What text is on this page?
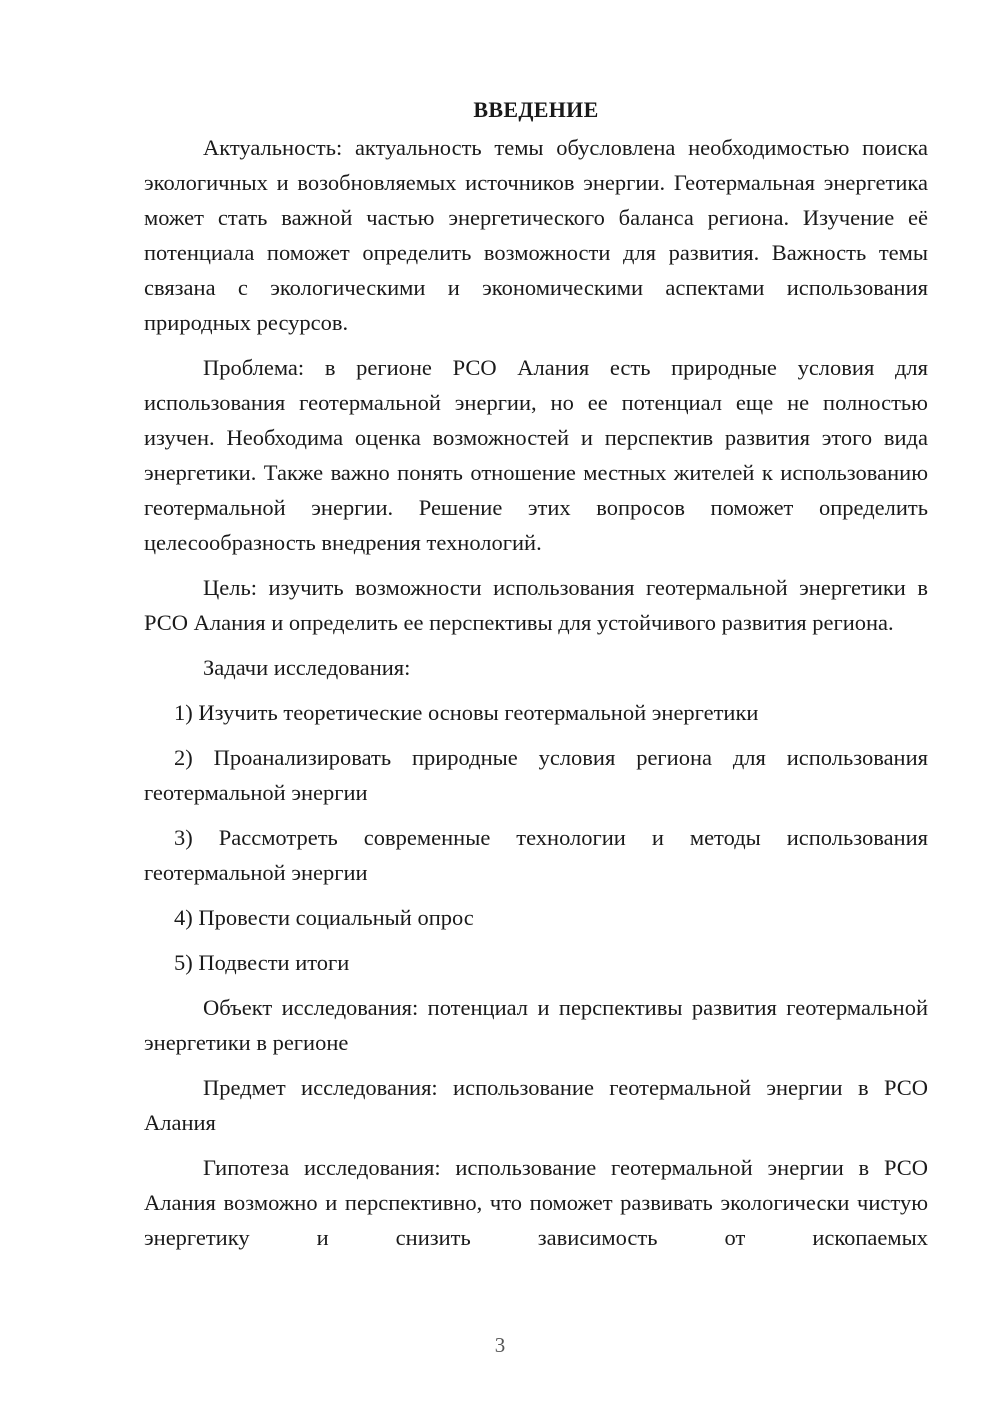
ВВЕДЕНИЕ

Актуальность: актуальность темы обусловлена необходимостью поиска экологичных и возобновляемых источников энергии. Геотермальная энергетика может стать важной частью энергетического баланса региона. Изучение её потенциала поможет определить возможности для развития. Важность темы связана с экологическими и экономическими аспектами использования природных ресурсов.

Проблема: в регионе РСО Алания есть природные условия для использования геотермальной энергии, но ее потенциал еще не полностью изучен. Необходима оценка возможностей и перспектив развития этого вида энергетики. Также важно понять отношение местных жителей к использованию геотермальной энергии. Решение этих вопросов поможет определить целесообразность внедрения технологий.

Цель: изучить возможности использования геотермальной энергетики в РСО Алания и определить ее перспективы для устойчивого развития региона.

Задачи исследования:

1) Изучить теоретические основы геотермальной энергетики

2) Проанализировать природные условия региона для использования геотермальной энергии

3) Рассмотреть современные технологии и методы использования геотермальной энергии

4) Провести социальный опрос

5) Подвести итоги

Объект исследования: потенциал и перспективы развития геотермальной энергетики в регионе

Предмет исследования: использование геотермальной энергии в РСО Алания

Гипотеза исследования: использование геотермальной энергии в РСО Алания возможно и перспективно, что поможет развивать экологически чистую энергетику и снизить зависимость от ископаемых

3
